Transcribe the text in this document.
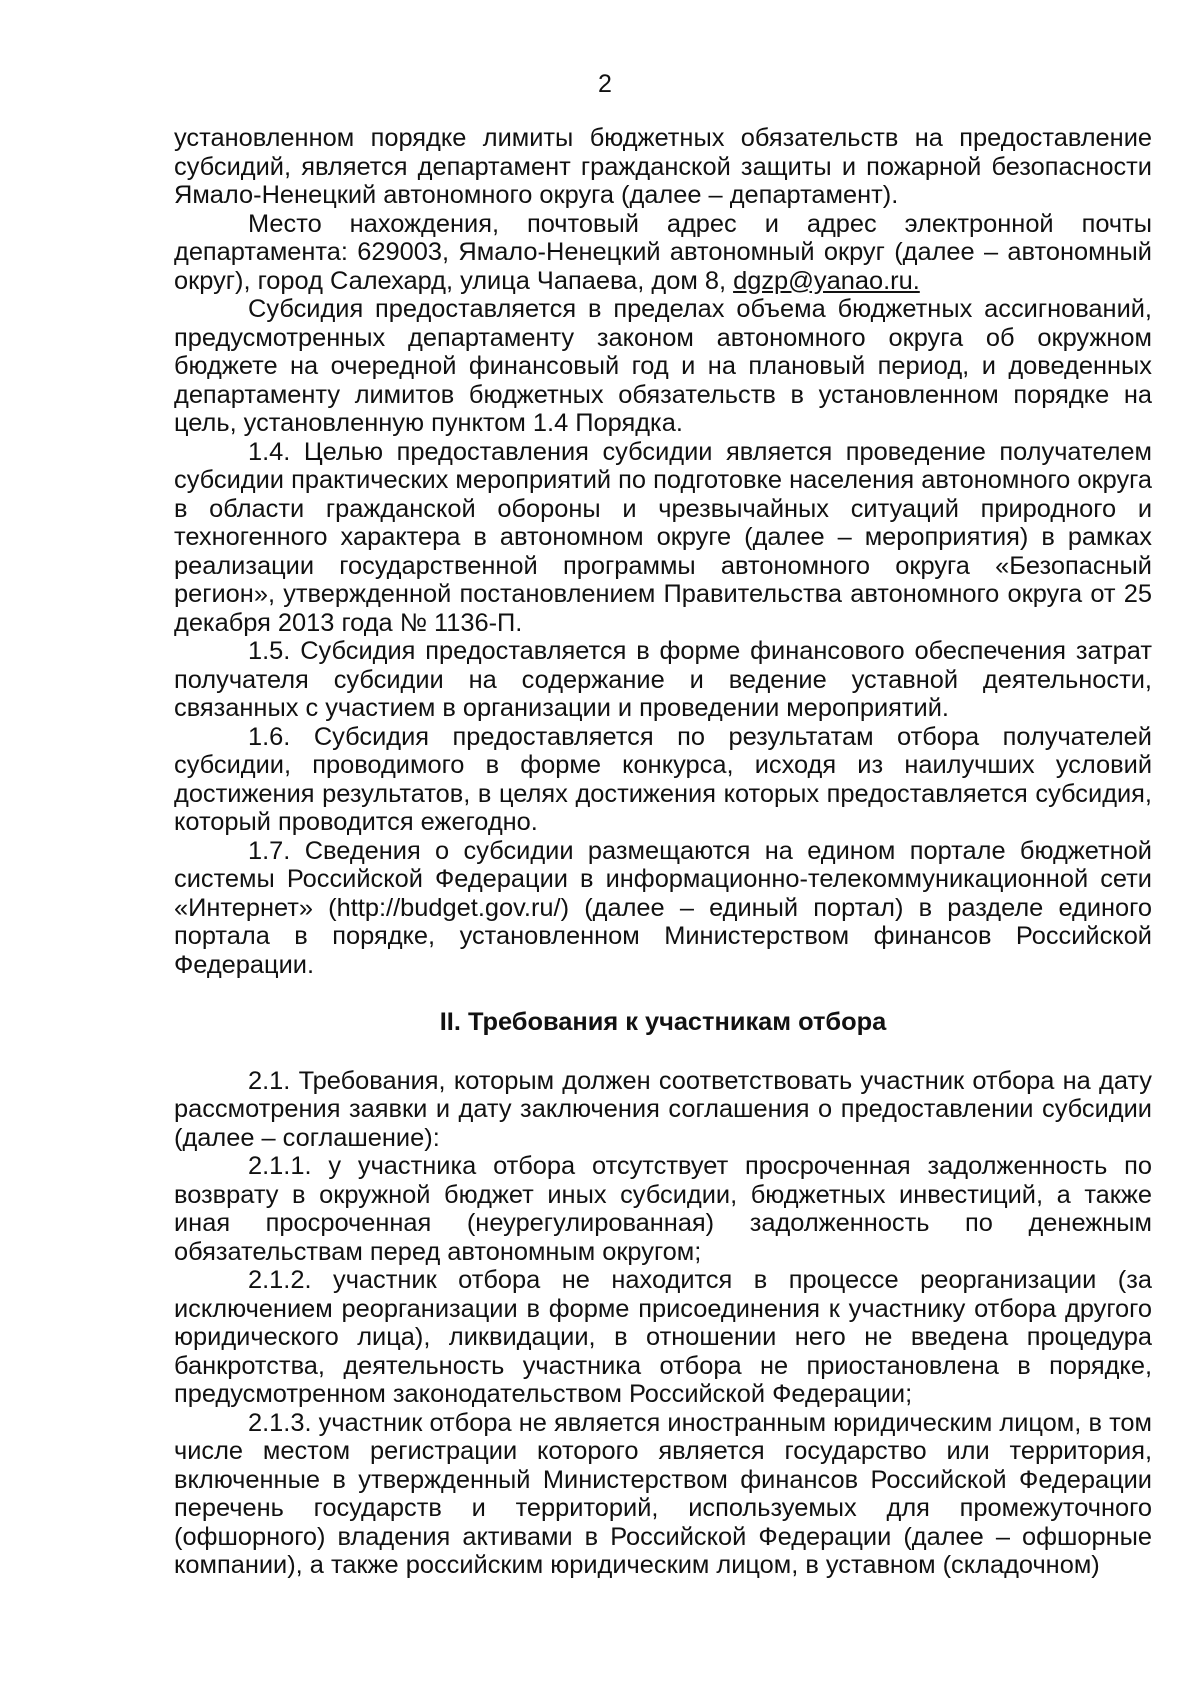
2

установленном порядке лимиты бюджетных обязательств на предоставление субсидий, является департамент гражданской защиты и пожарной безопасности Ямало-Ненецкий автономного округа (далее – департамент).

Место нахождения, почтовый адрес и адрес электронной почты департамента: 629003, Ямало-Ненецкий автономный округ (далее – автономный округ), город Салехард, улица Чапаева, дом 8, dgzp@yanao.ru.

Субсидия предоставляется в пределах объема бюджетных ассигнований, предусмотренных департаменту законом автономного округа об окружном бюджете на очередной финансовый год и на плановый период, и доведенных департаменту лимитов бюджетных обязательств в установленном порядке на цель, установленную пунктом 1.4 Порядка.

1.4. Целью предоставления субсидии является проведение получателем субсидии практических мероприятий по подготовке населения автономного округа в области гражданской обороны и чрезвычайных ситуаций природного и техногенного характера в автономном округе (далее – мероприятия) в рамках реализации государственной программы автономного округа «Безопасный регион», утвержденной постановлением Правительства автономного округа от 25 декабря 2013 года № 1136-П.

1.5. Субсидия предоставляется в форме финансового обеспечения затрат получателя субсидии на содержание и ведение уставной деятельности, связанных с участием в организации и проведении мероприятий.

1.6. Субсидия предоставляется по результатам отбора получателей субсидии, проводимого в форме конкурса, исходя из наилучших условий достижения результатов, в целях достижения которых предоставляется субсидия, который проводится ежегодно.

1.7. Сведения о субсидии размещаются на едином портале бюджетной системы Российской Федерации в информационно-телекоммуникационной сети «Интернет» (http://budget.gov.ru/) (далее – единый портал) в разделе единого портала в порядке, установленном Министерством финансов Российской Федерации.

II. Требования к участникам отбора

2.1. Требования, которым должен соответствовать участник отбора на дату рассмотрения заявки и дату заключения соглашения о предоставлении субсидии (далее – соглашение):

2.1.1. у участника отбора отсутствует просроченная задолженность по возврату в окружной бюджет иных субсидии, бюджетных инвестиций, а также иная просроченная (неурегулированная) задолженность по денежным обязательствам перед автономным округом;

2.1.2. участник отбора не находится в процессе реорганизации (за исключением реорганизации в форме присоединения к участнику отбора другого юридического лица), ликвидации, в отношении него не введена процедура банкротства, деятельность участника отбора не приостановлена в порядке, предусмотренном законодательством Российской Федерации;

2.1.3. участник отбора не является иностранным юридическим лицом, в том числе местом регистрации которого является государство или территория, включенные в утвержденный Министерством финансов Российской Федерации перечень государств и территорий, используемых для промежуточного (офшорного) владения активами в Российской Федерации (далее – офшорные компании), а также российским юридическим лицом, в уставном (складочном)
